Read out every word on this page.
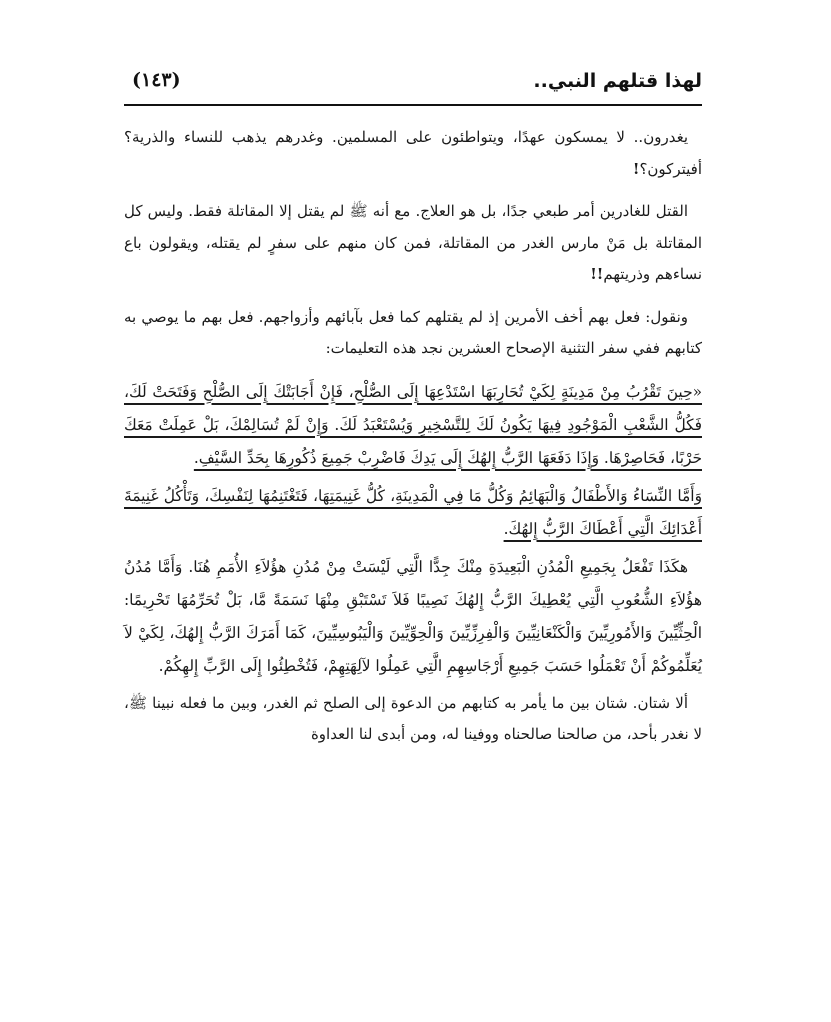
لهذا قتلهم النبي..
(١٤٣)

يغدرون.. لا يمسكون عهدًا، ويتواطئون على المسلمين. وغدرهم يذهب للنساء والذرية؟ أفيتركون؟!

القتل للغادرين أمر طبعي جدًا، بل هو العلاج. مع أنه ﷺ لم يقتل إلا المقاتلة فقط. وليس كل المقاتلة بل مَنْ مارس الغدر من المقاتلة، فمن كان منهم على سفرٍ لم يقتله، ويقولون باع نساءهم وذريتهم!!

ونقول: فعل بهم أخف الأمرين إذ لم يقتلهم كما فعل بآبائهم وأزواجهم. فعل بهم ما يوصي به كتابهم ففي سفر التثنية الإصحاح العشرين نجد هذه التعليمات:

«حِينَ تَقْرُبُ مِنْ مَدِينَةٍ لِكَيْ تُحَارِبَهَا اسْتَدْعِهَا إِلَى الصُّلْحِ، فَإِنْ أَجَابَتْكَ إِلَى الصُّلْحِ وَفَتَحَتْ لَكَ، فَكُلُّ الشَّعْبِ الْمَوْجُودِ فِيهَا يَكُونُ لَكَ لِلتَّسْخِيرِ وَيُسْتَعْبَدُ لَكَ. وَإِنْ لَمْ تُسَالِمْكَ، بَلْ عَمِلَتْ مَعَكَ حَرْبًا، فَحَاصِرْهَا. وَإِذَا دَفَعَهَا الرَّبُّ إِلهُكَ إِلَى يَدِكَ فَاضْرِبْ جَمِيعَ ذُكُورِهَا بِحَدِّ السَّيْفِ.

وَأَمَّا النِّسَاءُ وَالأَطْفَالُ وَالْبَهَائِمُ وَكُلُّ مَا فِي الْمَدِينَةِ، كُلُّ غَنِيمَتِهَا، فَتَغْتَنِمُهَا لِنَفْسِكَ، وَتَأْكُلُ غَنِيمَةَ أَعْدَائِكَ الَّتِي أَعْطَاكَ الرَّبُّ إِلهُكَ.

هكَذَا تَفْعَلُ بِجَمِيعِ الْمُدُنِ الْبَعِيدَةِ مِنْكَ جِدًّا الَّتِي لَيْسَتْ مِنْ مُدُنِ هؤُلاَءِ الأُمَمِ هُنَا. وَأَمَّا مُدُنُ هؤُلاَءِ الشُّعُوبِ الَّتِي يُعْطِيكَ الرَّبُّ إِلهُكَ نَصِيبًا فَلاَ تَسْتَبْقِ مِنْهَا نَسَمَةً مَّا، بَلْ تُحَرِّمُهَا تَحْرِيمًا: الْحِثِّيِّينَ وَالأَمُورِيِّينَ وَالْكَنْعَانِيِّينَ وَالْفِرِزِّيِّينَ وَالْحِوِّيِّينَ وَالْيَبُوسِيِّينَ، كَمَا أَمَرَكَ الرَّبُّ إِلهُكَ، لِكَيْ لاَ يُعَلِّمُوكُمْ أَنْ تَعْمَلُوا حَسَبَ جَمِيعِ أَرْجَاسِهِمِ الَّتِي عَمِلُوا لآلِهَتِهِمْ، فَتُخْطِئُوا إِلَى الرَّبِّ إِلهِكُمْ.

ألا شتان. شتان بين ما يأمر به كتابهم من الدعوة إلى الصلح ثم الغدر، وبين ما فعله نبينا ﷺ، لا نغدر بأحد، من صالحنا صالحناه ووفينا له، ومن أبدى لنا العداوة
